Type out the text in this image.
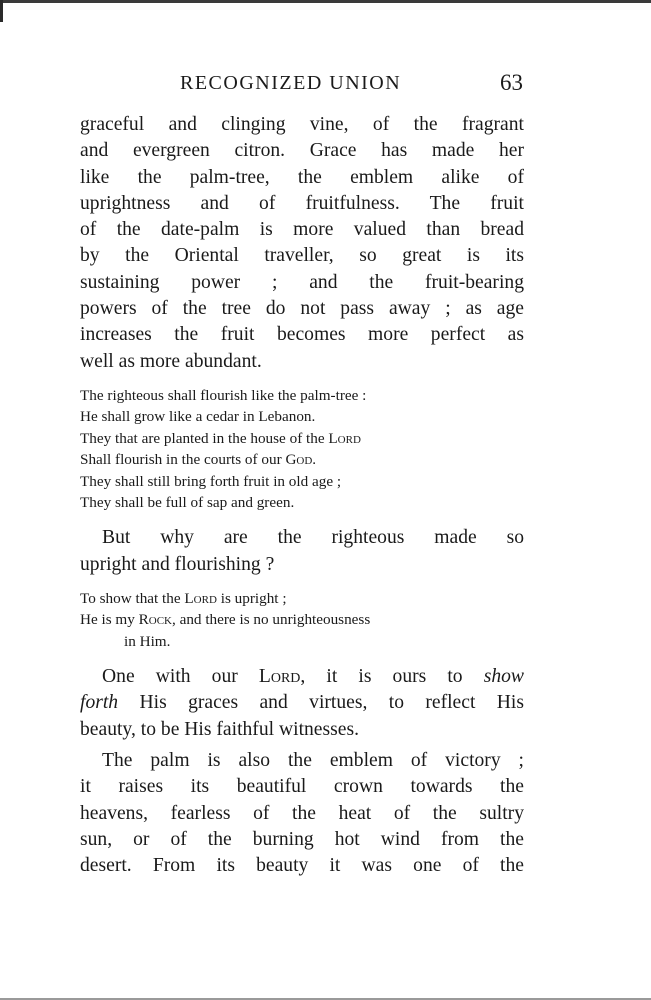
RECOGNIZED UNION	63
graceful and clinging vine, of the fragrant
and evergreen citron. Grace has made her
like the palm-tree, the emblem alike of
uprightness and of fruitfulness. The fruit
of the date-palm is more valued than bread
by the Oriental traveller, so great is its
sustaining power ; and the fruit-bearing
powers of the tree do not pass away ; as age
increases the fruit becomes more perfect as
well as more abundant.
The righteous shall flourish like the palm-tree :
He shall grow like a cedar in Lebanon.
They that are planted in the house of the Lord
Shall flourish in the courts of our God.
They shall still bring forth fruit in old age ;
They shall be full of sap and green.
But why are the righteous made so
upright and flourishing ?
To show that the Lord is upright ;
He is my Rock, and there is no unrighteousness
in Him.
One with our Lord, it is ours to show
forth His graces and virtues, to reflect His
beauty, to be His faithful witnesses.
The palm is also the emblem of victory ;
it raises its beautiful crown towards the
heavens, fearless of the heat of the sultry
sun, or of the burning hot wind from the
desert. From its beauty it was one of the
